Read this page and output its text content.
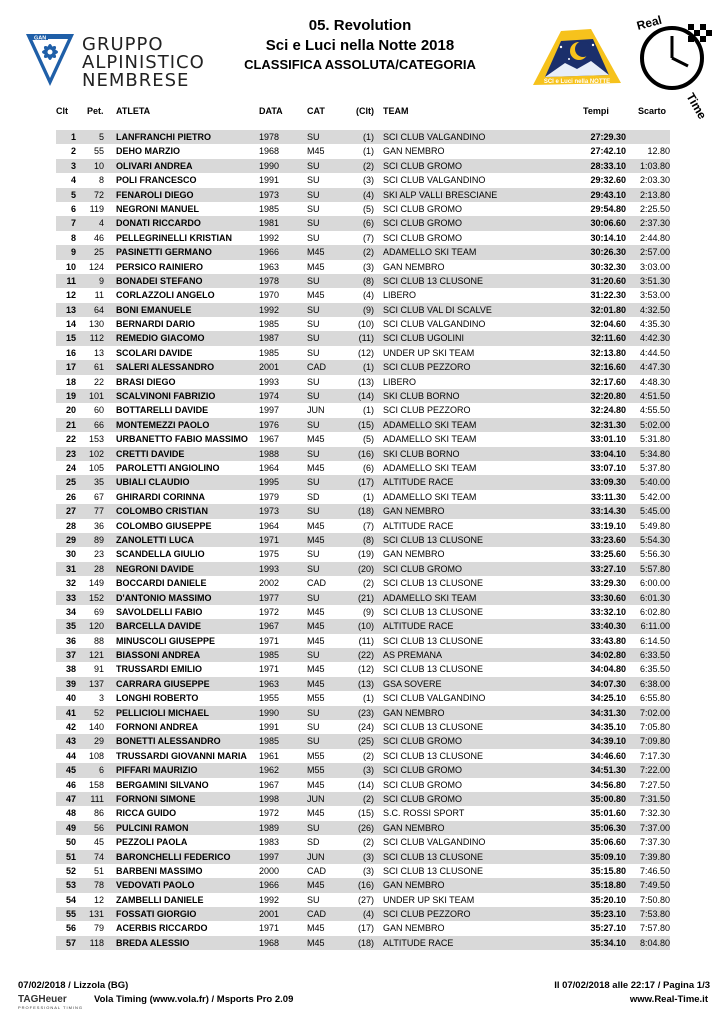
GAN GRUPPO
ALPINISTICO
NEMBRESE
05. Revolution
Sci e Luci nella Notte 2018
CLASSIFICA ASSOLUTA/CATEGORIA
SCI e Luci nella NOTTE
Real
Time
Clt Pet. ATLETA	DATA	CAT	(Clt) TEAM	Tempi	Scarto
1	5 LANFRANCHI PIETRO	1978	SU	(1) SCI CLUB VALGANDINO	27:29.30
2	55 DEHO MARZIO	1968	M45	(1) GAN NEMBRO	27:42.10	12.80
3	10 OLIVARI ANDREA	1990	SU	(2) SCI CLUB GROMO	28:33.10	1:03.80
4	8 POLI FRANCESCO	1991	SU	(3) SCI CLUB VALGANDINO	29:32.60	2:03.30
5	72 FENAROLI DIEGO	1973	SU	(4) SKI ALP VALLI BRESCIANE	29:43.10	2:13.80
6	119 NEGRONI MANUEL	1985	SU	(5) SCI CLUB GROMO	29:54.80	2:25.50
7	4 DONATI RICCARDO	1981	SU	(6) SCI CLUB GROMO	30:06.60	2:37.30
8	46 PELLEGRINELLI KRISTIAN	1992	SU	(7) SCI CLUB GROMO	30:14.10	2:44.80
9	25 PASINETTI GERMANO	1966	M45	(2) ADAMELLO SKI TEAM	30:26.30	2:57.00
10	124 PERSICO RAINIERO	1963	M45	(3) GAN NEMBRO	30:32.30	3:03.00
11	9 BONADEI STEFANO	1978	SU	(8) SCI CLUB 13 CLUSONE	31:20.60	3:51.30
12	11 CORLAZZOLI ANGELO	1970	M45	(4) LIBERO	31:22.30	3:53.00
13	64 BONI EMANUELE	1992	SU	(9) SCI CLUB VAL DI SCALVE	32:01.80	4:32.50
14	130 BERNARDI DARIO	1985	SU	(10) SCI CLUB VALGANDINO	32:04.60	4:35.30
15	112 REMEDIO GIACOMO	1987	SU	(11) SCI CLUB UGOLINI	32:11.60	4:42.30
16	13 SCOLARI DAVIDE	1985	SU	(12) UNDER UP SKI TEAM	32:13.80	4:44.50
17	61 SALERI ALESSANDRO	2001	CAD	(1) SCI CLUB PEZZORO	32:16.60	4:47.30
18	22 BRASI DIEGO	1993	SU	(13) LIBERO	32:17.60	4:48.30
19	101 SCALVINONI FABRIZIO	1974	SU	(14) SKI CLUB BORNO	32:20.80	4:51.50
20	60 BOTTARELLI DAVIDE	1997	JUN	(1) SCI CLUB PEZZORO	32:24.80	4:55.50
21	66 MONTEMEZZI PAOLO	1976	SU	(15) ADAMELLO SKI TEAM	32:31.30	5:02.00
22	153 URBANETTO FABIO MASSIMO	1967	M45	(5) ADAMELLO SKI TEAM	33:01.10	5:31.80
23	102 CRETTI DAVIDE	1988	SU	(16) SKI CLUB BORNO	33:04.10	5:34.80
24	105 PAROLETTI ANGIOLINO	1964	M45	(6) ADAMELLO SKI TEAM	33:07.10	5:37.80
25	35 UBIALI CLAUDIO	1995	SU	(17) ALTITUDE RACE	33:09.30	5:40.00
26	67 GHIRARDI CORINNA	1979	SD	(1) ADAMELLO SKI TEAM	33:11.30	5:42.00
27	77 COLOMBO CRISTIAN	1973	SU	(18) GAN NEMBRO	33:14.30	5:45.00
28	36 COLOMBO GIUSEPPE	1964	M45	(7) ALTITUDE RACE	33:19.10	5:49.80
29	89 ZANOLETTI LUCA	1971	M45	(8) SCI CLUB 13 CLUSONE	33:23.60	5:54.30
30	23 SCANDELLA GIULIO	1975	SU	(19) GAN NEMBRO	33:25.60	5:56.30
31	28 NEGRONI DAVIDE	1993	SU	(20) SCI CLUB GROMO	33:27.10	5:57.80
32	149 BOCCARDI DANIELE	2002	CAD	(2) SCI CLUB 13 CLUSONE	33:29.30	6:00.00
33	152 D'ANTONIO MASSIMO	1977	SU	(21) ADAMELLO SKI TEAM	33:30.60	6:01.30
34	69 SAVOLDELLI FABIO	1972	M45	(9) SCI CLUB 13 CLUSONE	33:32.10	6:02.80
35	120 BARCELLA DAVIDE	1967	M45	(10) ALTITUDE RACE	33:40.30	6:11.00
36	88 MINUSCOLI GIUSEPPE	1971	M45	(11) SCI CLUB 13 CLUSONE	33:43.80	6:14.50
37	121 BIASSONI ANDREA	1985	SU	(22) AS PREMANA	34:02.80	6:33.50
38	91 TRUSSARDI EMILIO	1971	M45	(12) SCI CLUB 13 CLUSONE	34:04.80	6:35.50
39	137 CARRARA GIUSEPPE	1963	M45	(13) GSA SOVERE	34:07.30	6:38.00
40	3 LONGHI ROBERTO	1955	M55	(1) SCI CLUB VALGANDINO	34:25.10	6:55.80
41	52 PELLICIOLI MICHAEL	1990	SU	(23) GAN NEMBRO	34:31.30	7:02.00
42	140 FORNONI ANDREA	1991	SU	(24) SCI CLUB 13 CLUSONE	34:35.10	7:05.80
43	29 BONETTI ALESSANDRO	1985	SU	(25) SCI CLUB GROMO	34:39.10	7:09.80
44	108 TRUSSARDI GIOVANNI MARIA	1961	M55	(2) SCI CLUB 13 CLUSONE	34:46.60	7:17.30
45	6 PIFFARI MAURIZIO	1962	M55	(3) SCI CLUB GROMO	34:51.30	7:22.00
46	158 BERGAMINI SILVANO	1967	M45	(14) SCI CLUB GROMO	34:56.80	7:27.50
47	111 FORNONI SIMONE	1998	JUN	(2) SCI CLUB GROMO	35:00.80	7:31.50
48	86 RICCA GUIDO	1972	M45	(15) S.C. ROSSI SPORT	35:01.60	7:32.30
49	56 PULCINI RAMON	1989	SU	(26) GAN NEMBRO	35:06.30	7:37.00
50	45 PEZZOLI PAOLA	1983	SD	(2) SCI CLUB VALGANDINO	35:06.60	7:37.30
51	74 BARONCHELLI FEDERICO	1997	JUN	(3) SCI CLUB 13 CLUSONE	35:09.10	7:39.80
52	51 BARBENI MASSIMO	2000	CAD	(3) SCI CLUB 13 CLUSONE	35:15.80	7:46.50
53	78 VEDOVATI PAOLO	1966	M45	(16) GAN NEMBRO	35:18.80	7:49.50
54	12 ZAMBELLI DANIELE	1992	SU	(27) UNDER UP SKI TEAM	35:20.10	7:50.80
55	131 FOSSATI GIORGIO	2001	CAD	(4) SCI CLUB PEZZORO	35:23.10	7:53.80
56	79 ACERBIS RICCARDO	1971	M45	(17) GAN NEMBRO	35:27.10	7:57.80
57	118 BREDA ALESSIO	1968	M45	(18) ALTITUDE RACE	35:34.10	8:04.80
07/02/2018 / Lizzola (BG)	Il 07/02/2018 alle 22:17 / Pagina 1/3
TAGHeuer
PROFESSIONAL TIMING
Vola Timing (www.vola.fr) / Msports Pro 2.09	www.Real-Time.it
